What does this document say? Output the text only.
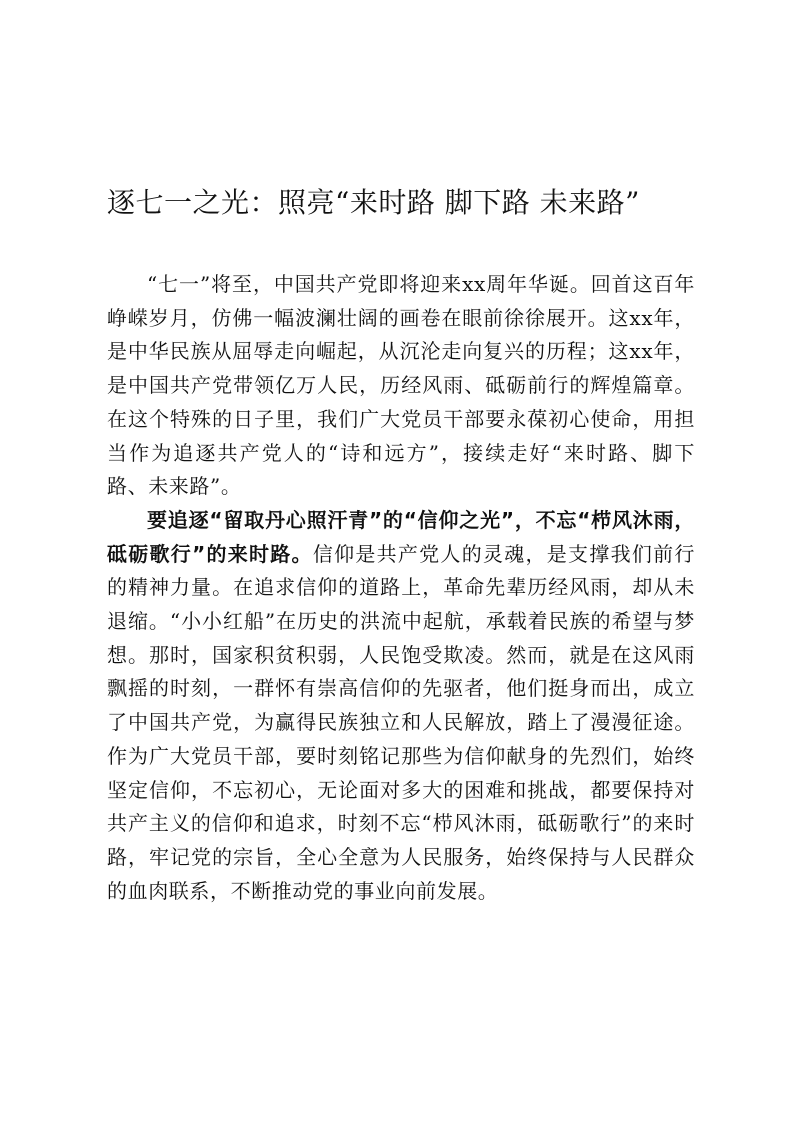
逐七一之光：照亮“来时路 脚下路 未来路”

“七一”将至，中国共产党即将迎来xx周年华诞。回首这百年峥嵘岁月，仿佛一幅波澜壮阔的画卷在眼前徐徐展开。这xx年，是中华民族从屈辱走向崛起，从沉沦走向复兴的历程；这xx年，是中国共产党带领亿万人民，历经风雨、砥砺前行的辉煌篇章。在这个特殊的日子里，我们广大党员干部要永葆初心使命，用担当作为追逐共产党人的“诗和远方”，接续走好“来时路、脚下路、未来路”。

要追逐“留取丹心照汗青”的“信仰之光”，不忘“栉风沐雨，砥砺歌行”的来时路。信仰是共产党人的灵魂，是支撑我们前行的精神力量。在追求信仰的道路上，革命先辈历经风雨，却从未退缩。“小小红船”在历史的洪流中起航，承载着民族的希望与梦想。那时，国家积贫积弱，人民饱受欺凌。然而，就是在这风雨飘摇的时刻，一群怀有崇高信仰的先驱者，他们挺身而出，成立了中国共产党，为赢得民族独立和人民解放，踏上了漫漫征途。作为广大党员干部，要时刻铭记那些为信仰献身的先烈们，始终坚定信仰，不忘初心，无论面对多大的困难和挑战，都要保持对共产主义的信仰和追求，时刻不忘“栉风沐雨，砥砺歌行”的来时路，牢记党的宗旨，全心全意为人民服务，始终保持与人民群众的血肉联系，不断推动党的事业向前发展。
